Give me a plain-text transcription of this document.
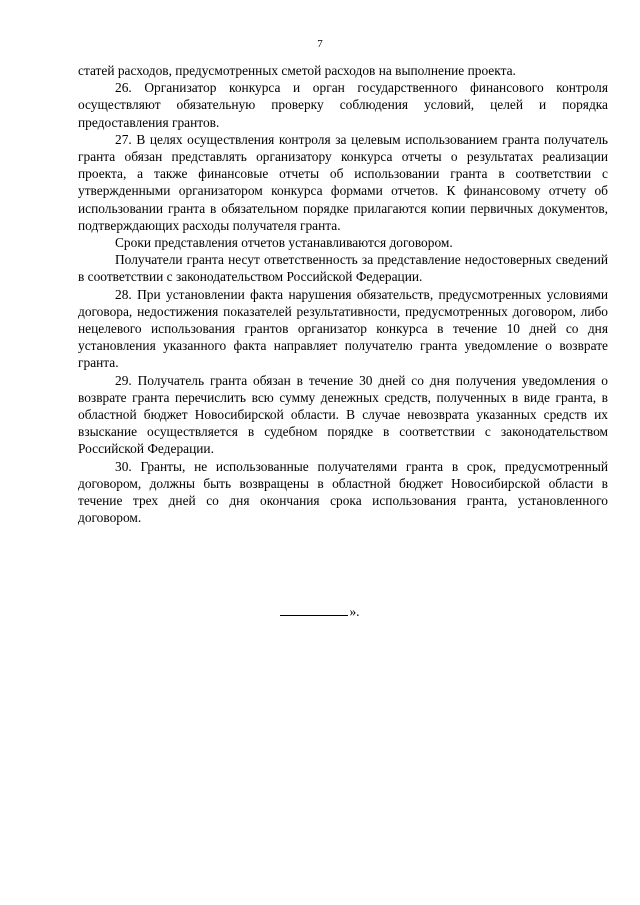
7

статей расходов, предусмотренных сметой расходов на выполнение проекта.

26. Организатор конкурса и орган государственного финансового контроля осуществляют обязательную проверку соблюдения условий, целей и порядка предоставления грантов.

27. В целях осуществления контроля за целевым использованием гранта получатель гранта обязан представлять организатору конкурса отчеты о результатах реализации проекта, а также финансовые отчеты об использовании гранта в соответствии с утвержденными организатором конкурса формами отчетов. К финансовому отчету об использовании гранта в обязательном порядке прилагаются копии первичных документов, подтверждающих расходы получателя гранта.

Сроки представления отчетов устанавливаются договором.

Получатели гранта несут ответственность за представление недостоверных сведений в соответствии с законодательством Российской Федерации.

28. При установлении факта нарушения обязательств, предусмотренных условиями договора, недостижения показателей результативности, предусмотренных договором, либо нецелевого использования грантов организатор конкурса в течение 10 дней со дня установления указанного факта направляет получателю гранта уведомление о возврате гранта.

29. Получатель гранта обязан в течение 30 дней со дня получения уведомления о возврате гранта перечислить всю сумму денежных средств, полученных в виде гранта, в областной бюджет Новосибирской области. В случае невозврата указанных средств их взыскание осуществляется в судебном порядке в соответствии с законодательством Российской Федерации.

30. Гранты, не использованные получателями гранта в срок, предусмотренный договором, должны быть возвращены в областной бюджет Новосибирской области в течение трех дней со дня окончания срока использования гранта, установленного договором.

».
